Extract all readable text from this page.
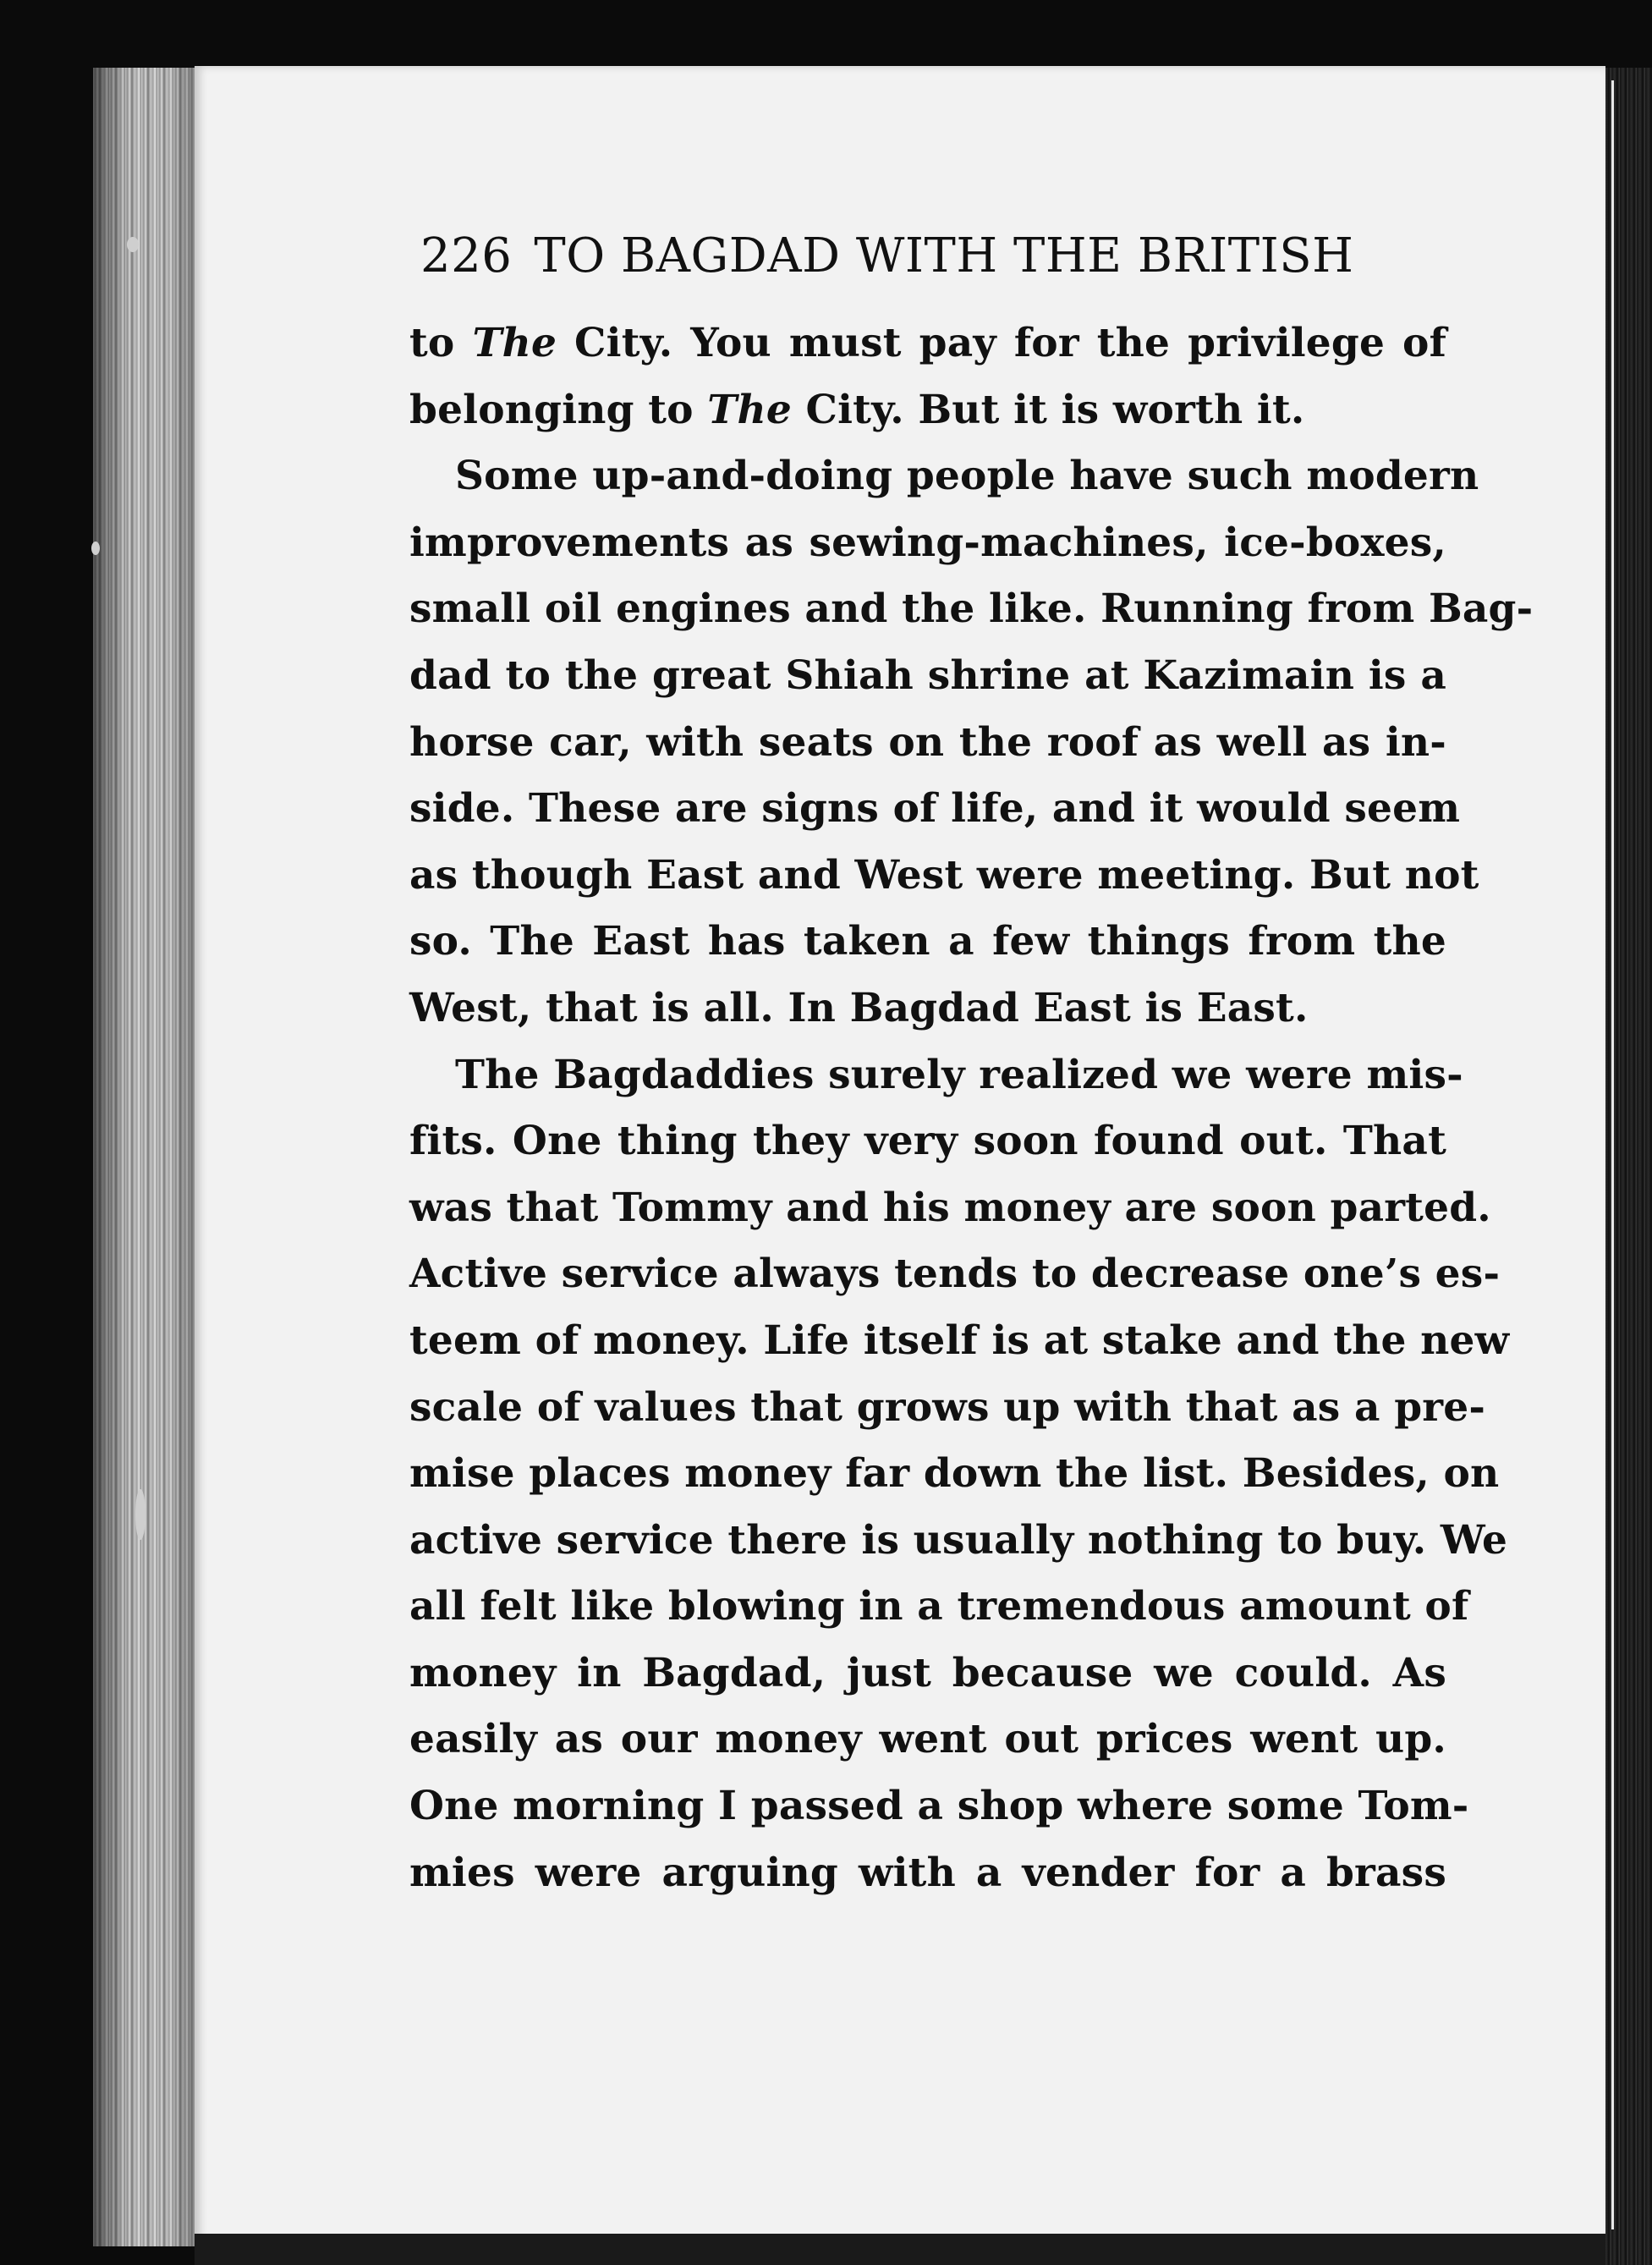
226 TO BAGDAD WITH THE BRITISH
to The City. You must pay for the privilege of
belonging to The City. But it is worth it.
Some up-and-doing people have such modern
improvements as sewing-machines, ice-boxes,
small oil engines and the like. Running from Bag-
dad to the great Shiah shrine at Kazimain is a
horse car, with seats on the roof as well as in-
side. These are signs of life, and it would seem
as though East and West were meeting. But not
so. The East has taken a few things from the
West, that is all. In Bagdad East is East.
The Bagdaddies surely realized we were mis-
fits. One thing they very soon found out. That
was that Tommy and his money are soon parted.
Active service always tends to decrease one’s es-
teem of money. Life itself is at stake and the new
scale of values that grows up with that as a pre-
mise places money far down the list. Besides, on
active service there is usually nothing to buy. We
all felt like blowing in a tremendous amount of
money in Bagdad, just because we could. As
easily as our money went out prices went up.
One morning I passed a shop where some Tom-
mies were arguing with a vender for a brass
